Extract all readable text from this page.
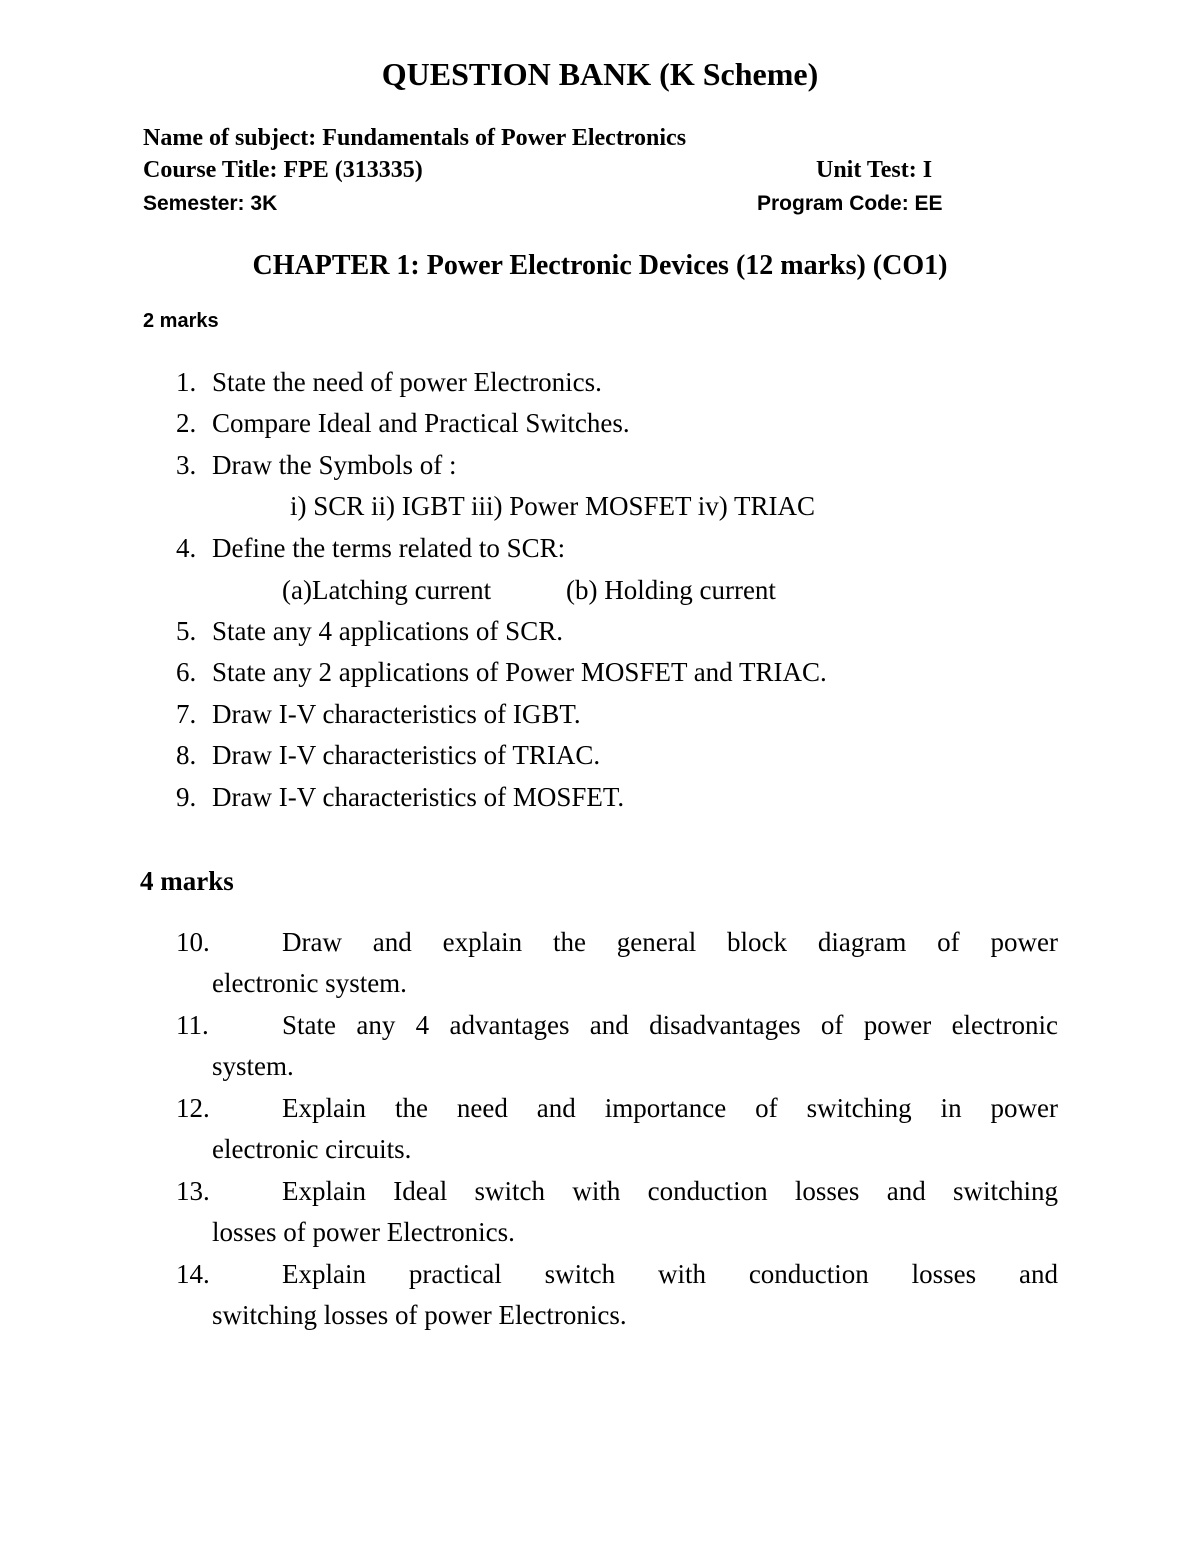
QUESTION BANK (K Scheme)
Name of subject: Fundamentals of Power Electronics
Course Title: FPE (313335)	Unit Test: I
Semester: 3K	Program Code: EE
CHAPTER 1: Power Electronic Devices (12 marks) (CO1)
2 marks
1. State the need of power Electronics.
2. Compare Ideal and Practical Switches.
3. Draw the Symbols of :
i) SCR ii) IGBT iii) Power MOSFET iv) TRIAC
4. Define the terms related to SCR:
(a)Latching current	(b) Holding current
5. State any 4 applications of SCR.
6. State any 2 applications of Power MOSFET and TRIAC.
7. Draw I-V characteristics of IGBT.
8. Draw I-V characteristics of TRIAC.
9. Draw I-V characteristics of MOSFET.
4 marks
10.	Draw and explain the general block diagram of power
electronic system.
11.	State any 4 advantages and disadvantages of power electronic
system.
12.	Explain the need and importance of switching in power
electronic circuits.
13.	Explain Ideal switch with conduction losses and switching
losses of power Electronics.
14.	Explain practical switch with conduction losses and
switching losses of power Electronics.
